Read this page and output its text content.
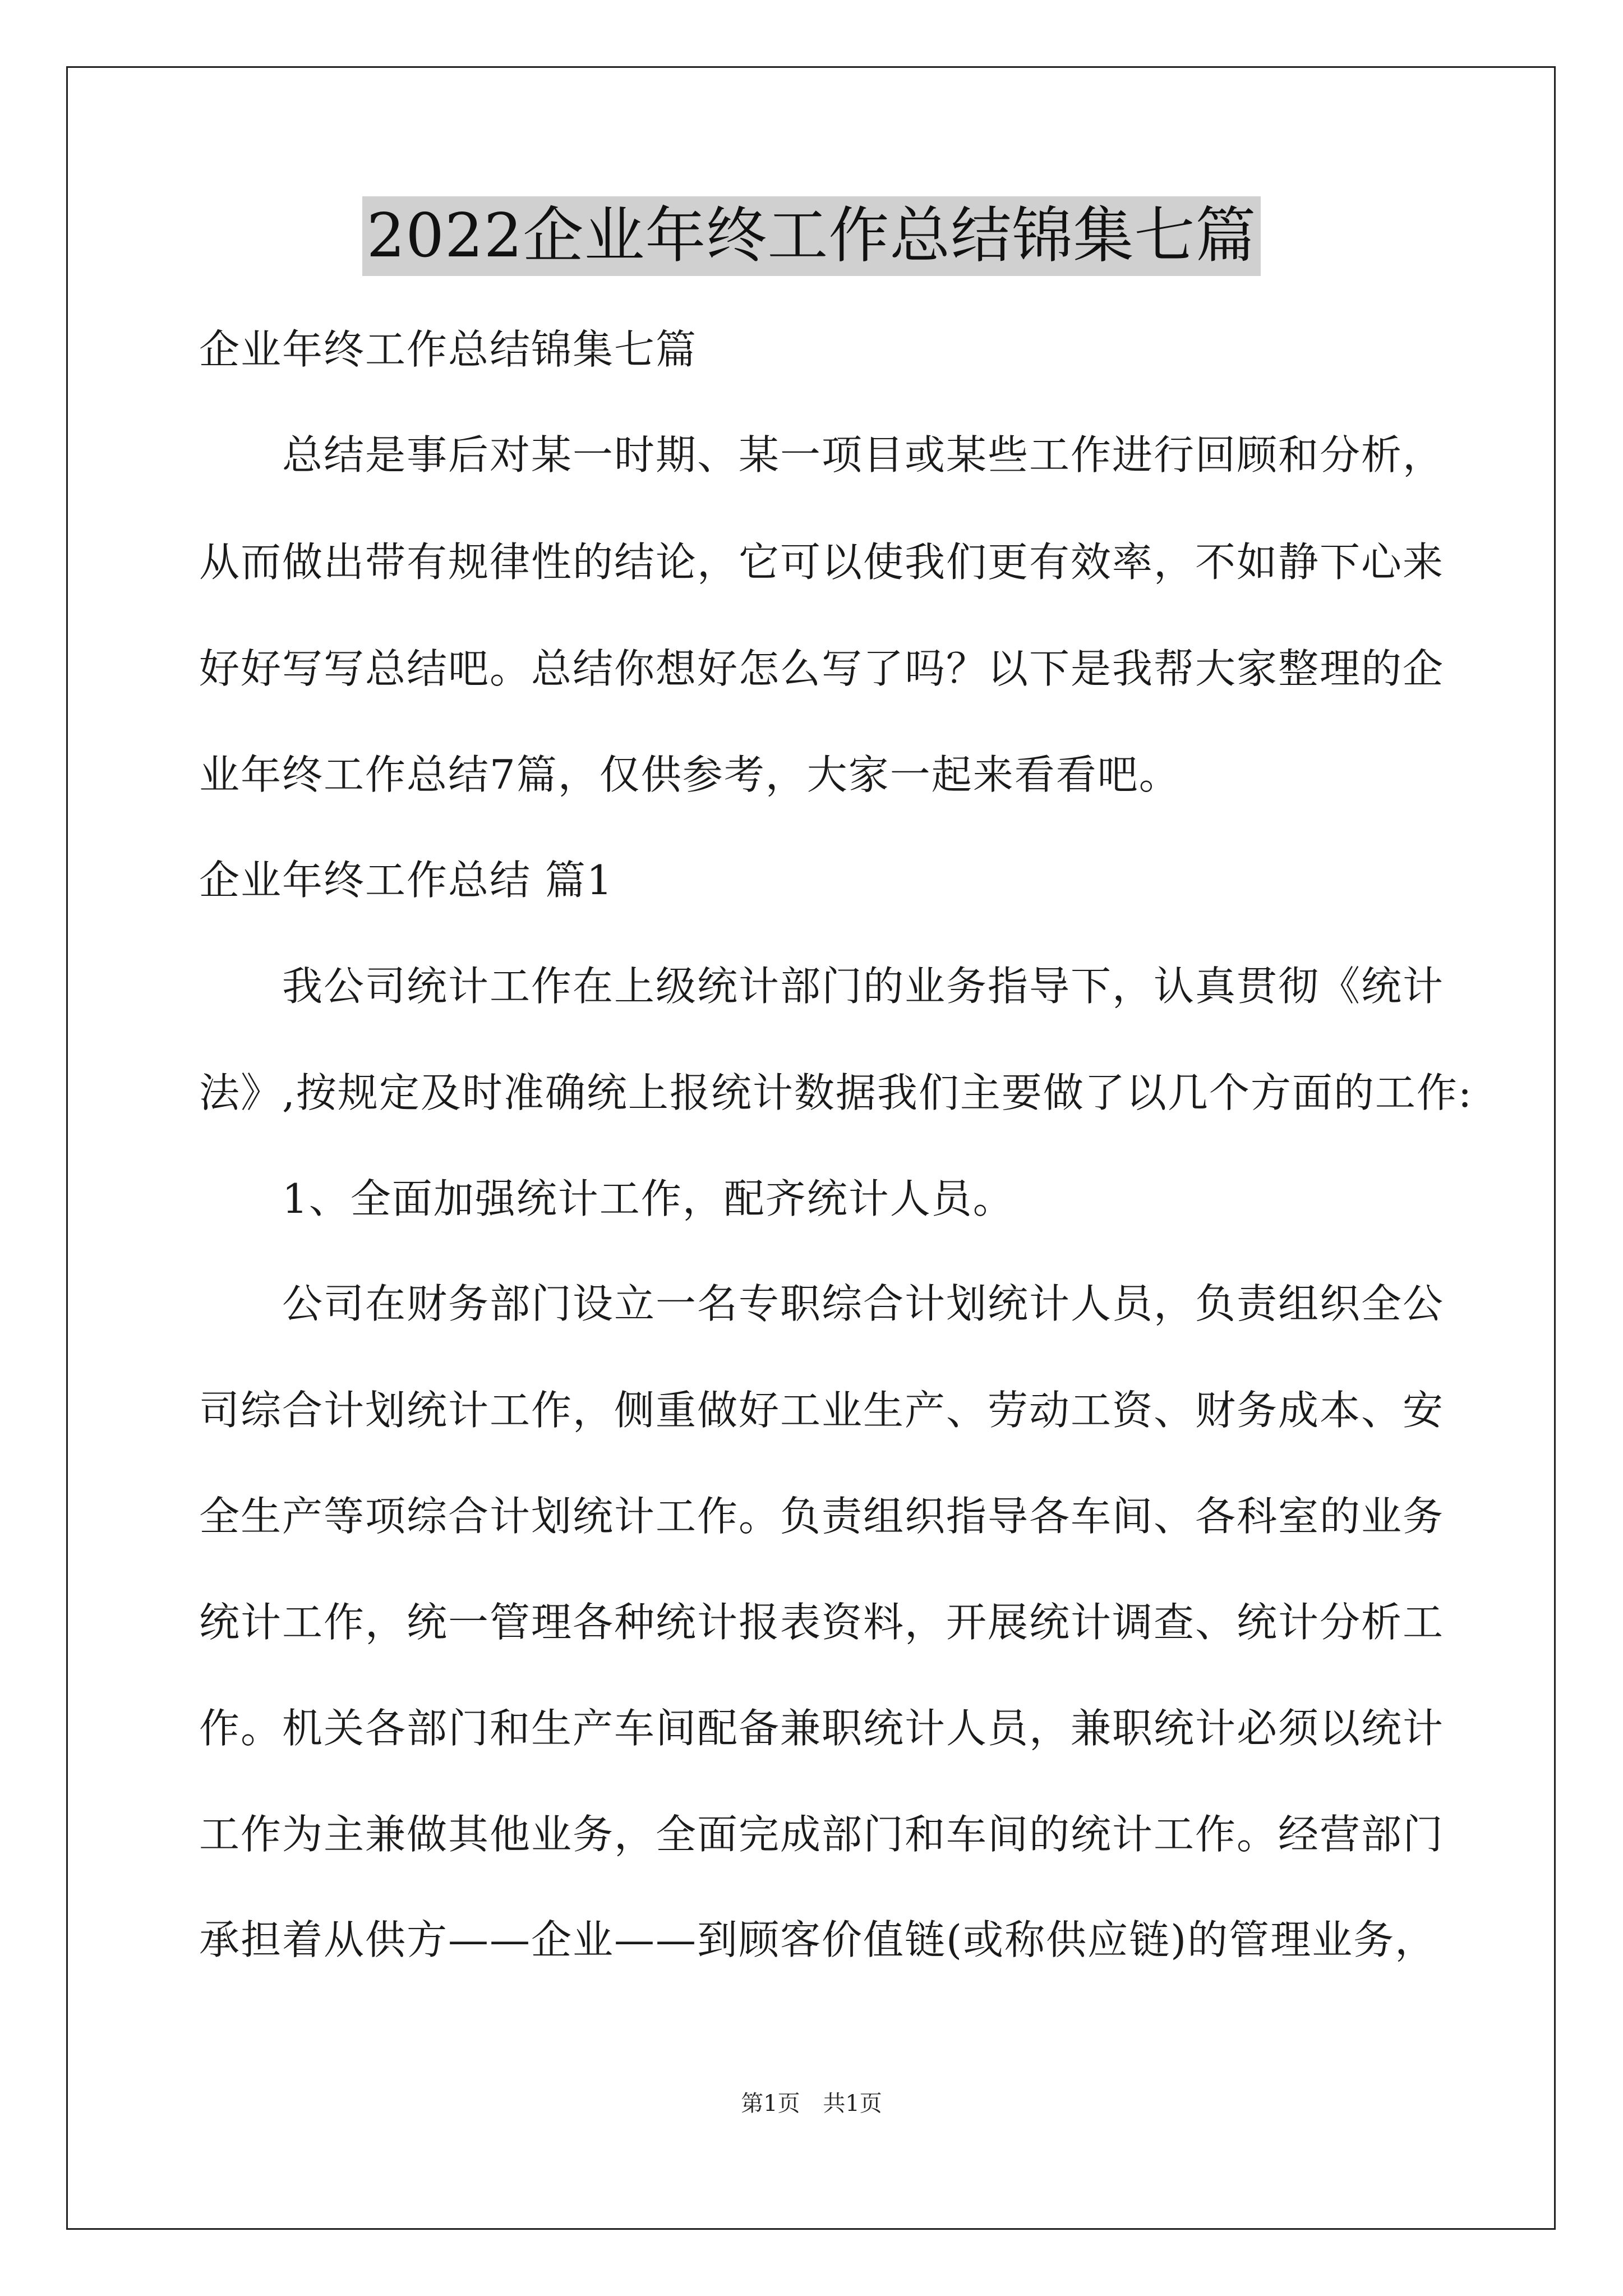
2022企业年终工作总结锦集七篇
企业年终工作总结锦集七篇
　　总结是事后对某一时期、某一项目或某些工作进行回顾和分析，
从而做出带有规律性的结论，它可以使我们更有效率，不如静下心来
好好写写总结吧。总结你想好怎么写了吗？以下是我帮大家整理的企
业年终工作总结7篇，仅供参考，大家一起来看看吧。
企业年终工作总结 篇1
　　我公司统计工作在上级统计部门的业务指导下，认真贯彻《统计
法》,按规定及时准确统上报统计数据我们主要做了以几个方面的工作:
　　1、全面加强统计工作，配齐统计人员。
　　公司在财务部门设立一名专职综合计划统计人员，负责组织全公
司综合计划统计工作，侧重做好工业生产、劳动工资、财务成本、安
全生产等项综合计划统计工作。负责组织指导各车间、各科室的业务
统计工作，统一管理各种统计报表资料，开展统计调查、统计分析工
作。机关各部门和生产车间配备兼职统计人员，兼职统计必须以统计
工作为主兼做其他业务，全面完成部门和车间的统计工作。经营部门
承担着从供方——企业——到顾客价值链(或称供应链)的管理业务，
第1页 共1页
